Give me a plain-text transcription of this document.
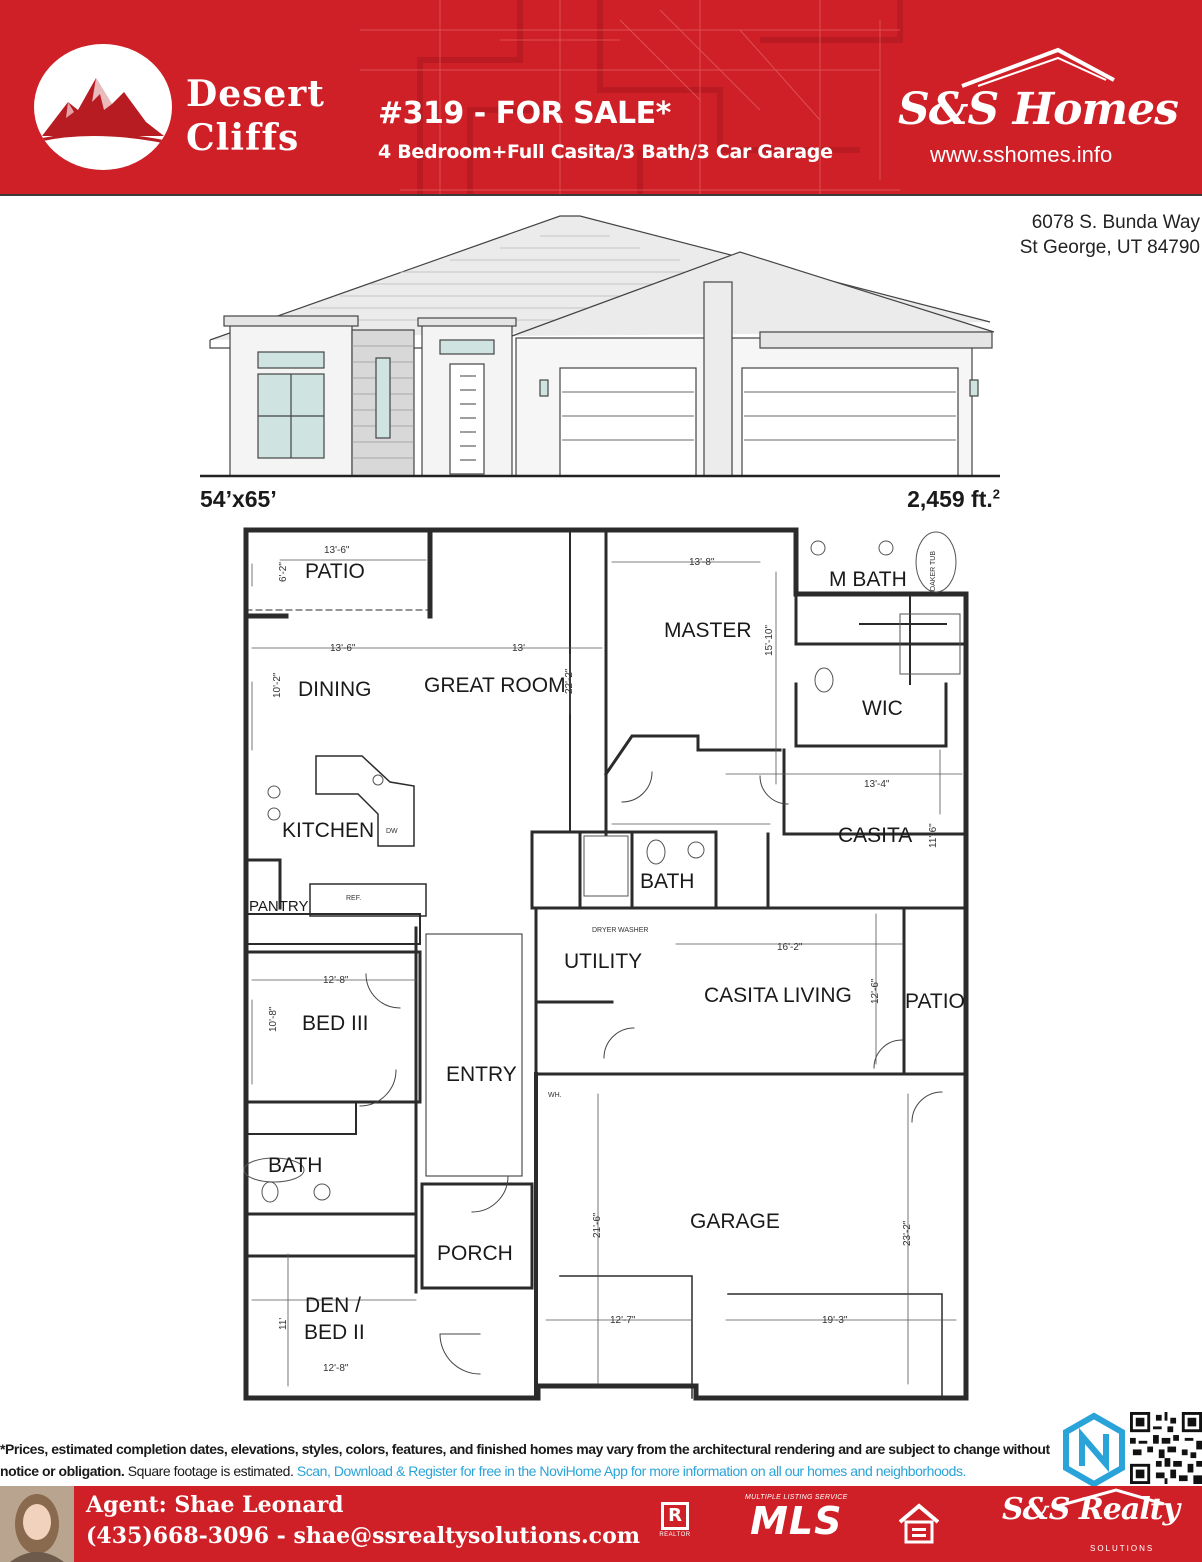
Desert
Cliffs
#319 - FOR SALE*
4 Bedroom+Full Casita/3 Bath/3 Car Garage
S&S Homes
www.sshomes.info
6078 S. Bunda Way
St George, UT 84790
54’x65’	2,459 ft.$^2$
PATIO
DINING	GREAT ROOM
MASTER
M BATH
WIC
KITCHEN
PANTRY
CASITA
BATH
UTILITY
CASITA LIVING	PATIO
BED III
ENTRY
BATH
GARAGE
PORCH
DEN /
BED II
13'-6"
6'-2"
13'-6"	13'
22'-2"
10'-2"
13'-8"
15'-10"
13'-4"
11'-6"
16'-2"
12'-6"
12'-8"
10'-8"
11'
12'-8"
21'-6"	23'-2"
12'-7"	19'-3"
SOAKER TUB
DRYER WASHER
REF.
DW
WH.
*Prices, estimated completion dates, elevations, styles, colors, features, and finished homes may vary from the architectural rendering and are subject to change without notice or obligation. Square footage is estimated. Scan, Download & Register for free in the NoviHome App for more information on all our homes and neighborhoods.
Agent: Shae Leonard
(435)668-3096 - shae@ssrealtysolutions.com
R
REALTOR
MULTIPLE LISTING SERVICE
MLS	S&S Realty
SOLUTIONS
